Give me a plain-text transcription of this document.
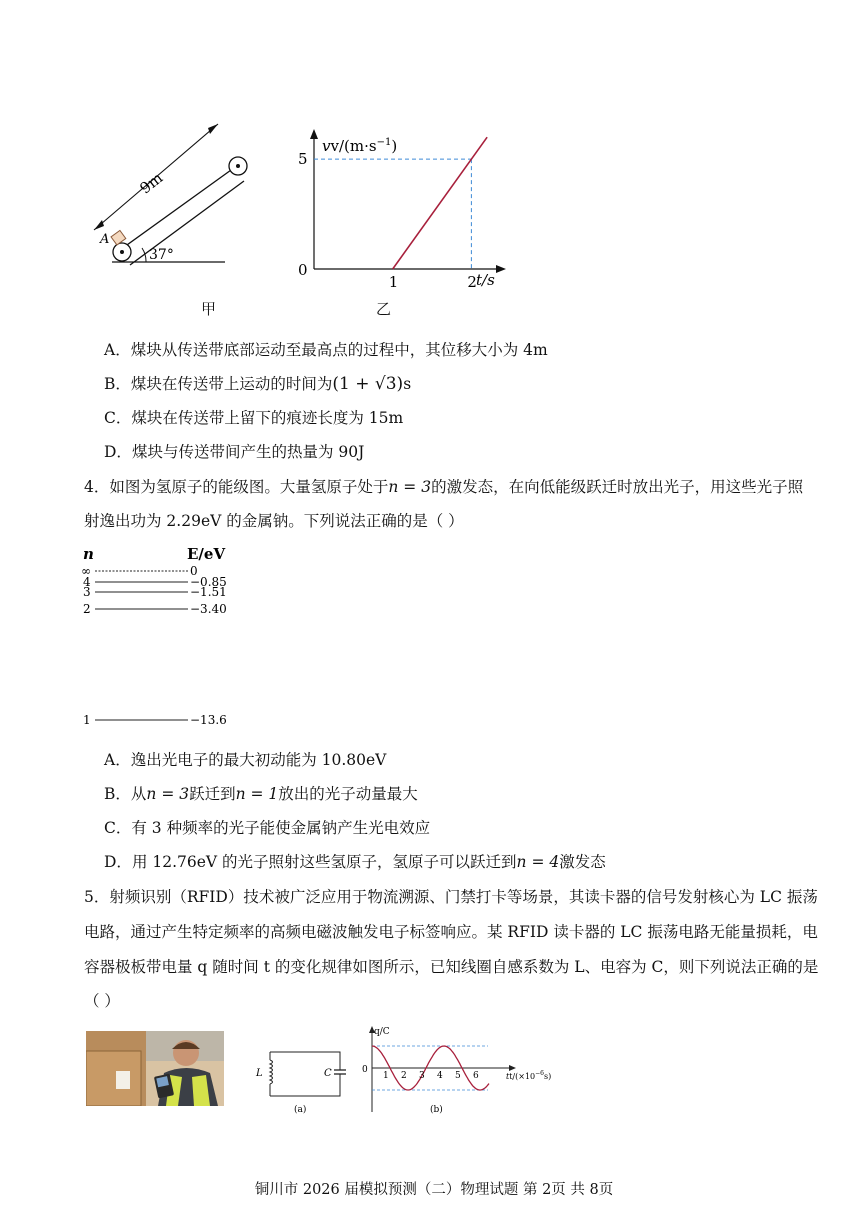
9m
A
37°
甲
$vv/(m\cdot s^{-1})$
0
5
1	2 t/s
乙
A．煤块从传送带底部运动至最高点的过程中，其位移大小为 4m
B．煤块在传送带上运动的时间为(1 + √3)s
C．煤块在传送带上留下的痕迹长度为 15m
D．煤块与传送带间产生的热量为 90J
4．如图为氢原子的能级图。大量氢原子处于n = 3的激发态，在向低能级跃迁时放出光子，用这些光子照
射逸出功为 2.29eV 的金属钠。下列说法正确的是（ ）
n	E/eV
∞	0
4	−0.85
3	−1.51
2	−3.40
1	−13.6
A．逸出光电子的最大初动能为 10.80eV
B．从n = 3跃迁到n = 1放出的光子动量最大
C．有 3 种频率的光子能使金属钠产生光电效应
D．用 12.76eV 的光子照射这些氢原子，氢原子可以跃迁到n = 4激发态
5．射频识别（RFID）技术被广泛应用于物流溯源、门禁打卡等场景，其读卡器的信号发射核心为 LC 振荡
电路，通过产生特定频率的高频电磁波触发电子标签响应。某 RFID 读卡器的 LC 振荡电路无能量损耗，电
容器极板带电量 q 随时间 t 的变化规律如图所示，已知线圈自感系数为 L、电容为 C，则下列说法正确的是
（ ）
L	C
(a)
q/C
0
1 2 3 4 5 6	$tt/(\times 10^{-6}s)$
(b)
铜川市 2026 届模拟预测（二）物理试题 第 2页 共 8页
